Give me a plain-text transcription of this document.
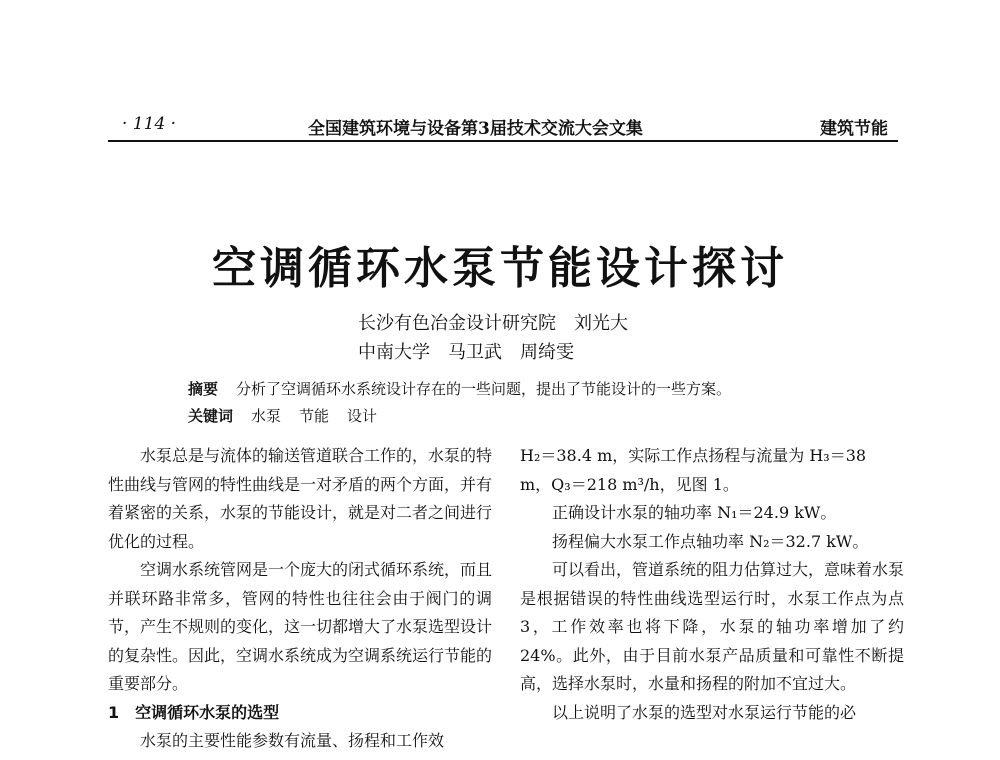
· 114 ·	全国建筑环境与设备第3届技术交流大会文集	建筑节能
空调循环水泵节能设计探讨
长沙有色冶金设计研究院　刘光大
中南大学　马卫武　周绮雯
摘要 分析了空调循环水系统设计存在的一些问题，提出了节能设计的一些方案。
关键词 水泵 节能 设计

水泵总是与流体的输送管道联合工作的，水泵的特性曲线与管网的特性曲线是一对矛盾的两个方面，并有着紧密的关系，水泵的节能设计，就是对二者之间进行优化的过程。

空调水系统管网是一个庞大的闭式循环系统，而且并联环路非常多，管网的特性也往往会由于阀门的调节，产生不规则的变化，这一切都增大了水泵选型设计的复杂性。因此，空调水系统成为空调系统运行节能的重要部分。

1　空调循环水泵的选型

水泵的主要性能参数有流量、扬程和工作效

H₂＝38.4 m，实际工作点扬程与流量为 H₃＝38

m，Q₃＝218 m³/h，见图 1。

正确设计水泵的轴功率 N₁＝24.9 kW。

扬程偏大水泵工作点轴功率 N₂＝32.7 kW。

可以看出，管道系统的阻力估算过大，意味着水泵是根据错误的特性曲线选型运行时，水泵工作点为点 3，工作效率也将下降，水泵的轴功率增加了约 24%。此外，由于目前水泵产品质量和可靠性不断提高，选择水泵时，水量和扬程的附加不宜过大。

以上说明了水泵的选型对水泵运行节能的必
